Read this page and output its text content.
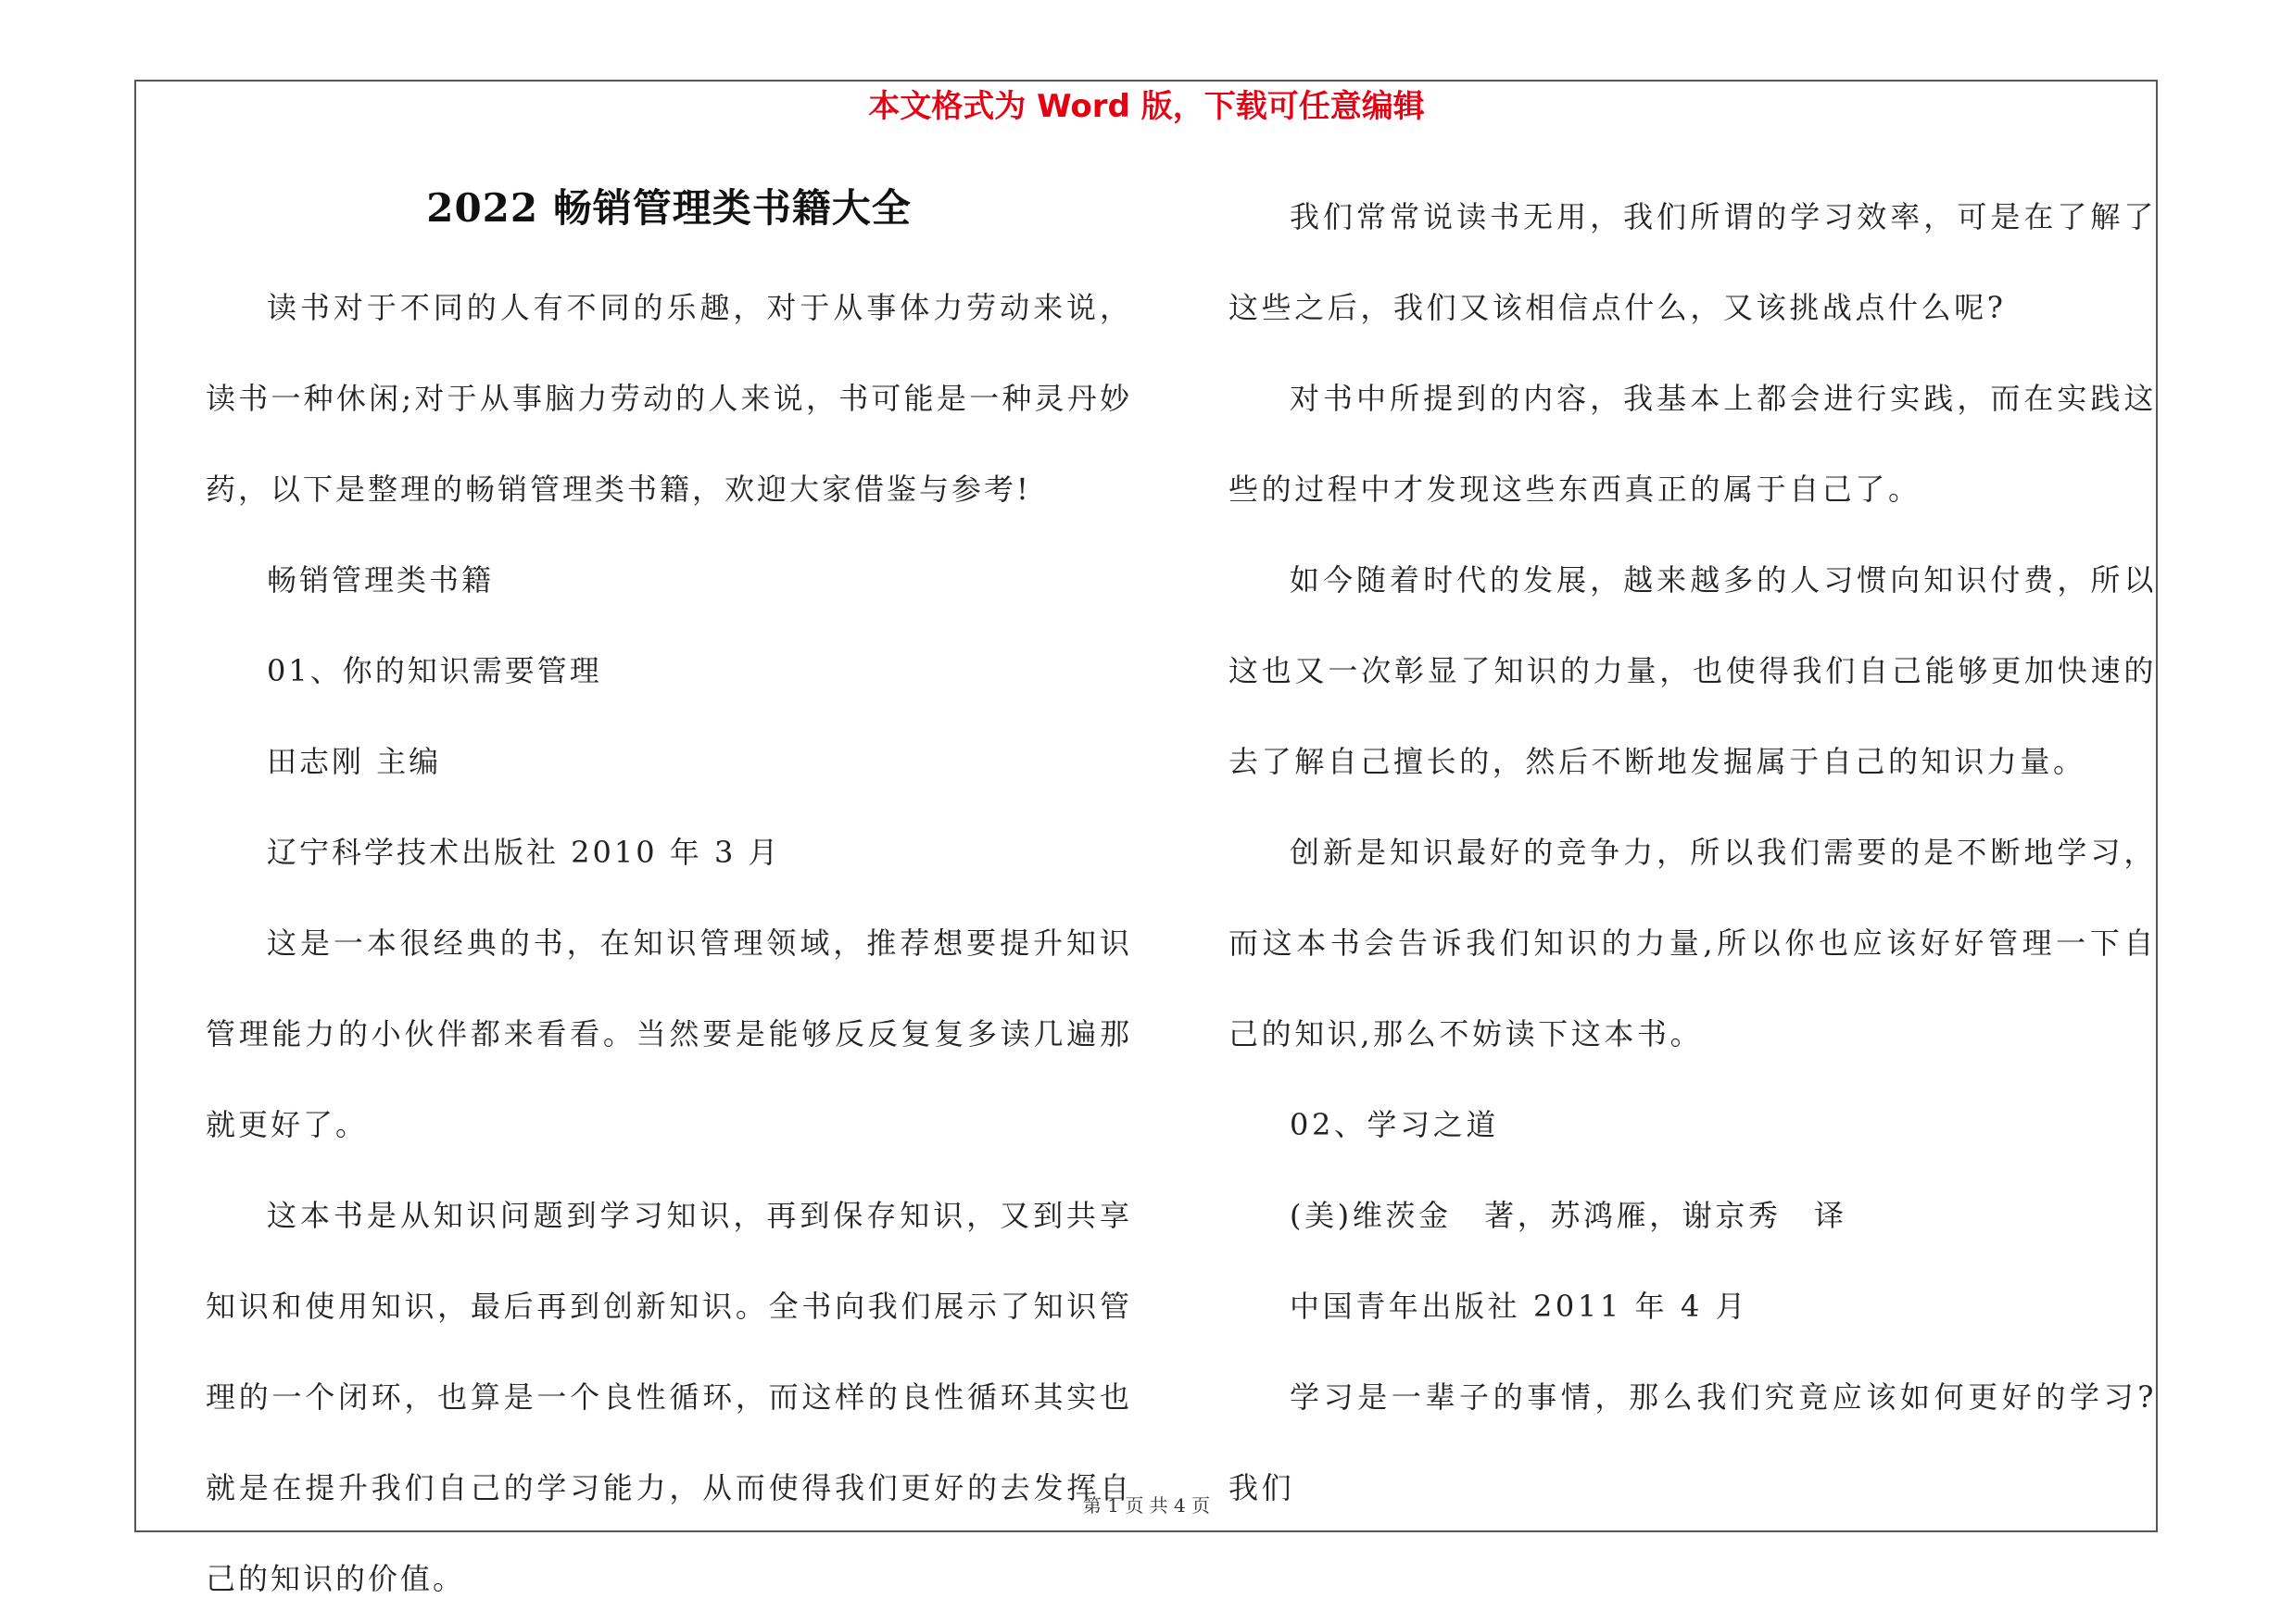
本文格式为 Word 版，下载可任意编辑
2022 畅销管理类书籍大全

读书对于不同的人有不同的乐趣，对于从事体力劳动来说，读书一种休闲;对于从事脑力劳动的人来说，书可能是一种灵丹妙药，以下是整理的畅销管理类书籍，欢迎大家借鉴与参考!

畅销管理类书籍

01、你的知识需要管理

田志刚 主编

辽宁科学技术出版社 2010 年 3 月

这是一本很经典的书，在知识管理领域，推荐想要提升知识管理能力的小伙伴都来看看。当然要是能够反反复复多读几遍那就更好了。

这本书是从知识问题到学习知识，再到保存知识，又到共享知识和使用知识，最后再到创新知识。全书向我们展示了知识管理的一个闭环，也算是一个良性循环，而这样的良性循环其实也就是在提升我们自己的学习能力，从而使得我们更好的去发挥自己的知识的价值。

我们常常说读书无用，我们所谓的学习效率，可是在了解了这些之后，我们又该相信点什么，又该挑战点什么呢?

对书中所提到的内容，我基本上都会进行实践，而在实践这些的过程中才发现这些东西真正的属于自己了。

如今随着时代的发展，越来越多的人习惯向知识付费，所以这也又一次彰显了知识的力量，也使得我们自己能够更加快速的去了解自己擅长的，然后不断地发掘属于自己的知识力量。

创新是知识最好的竞争力，所以我们需要的是不断地学习，而这本书会告诉我们知识的力量,所以你也应该好好管理一下自己的知识,那么不妨读下这本书。

02、学习之道

(美)维茨金　著，苏鸿雁，谢京秀　译

中国青年出版社 2011 年 4 月

学习是一辈子的事情，那么我们究竟应该如何更好的学习?我们

第 1 页 共 4 页
